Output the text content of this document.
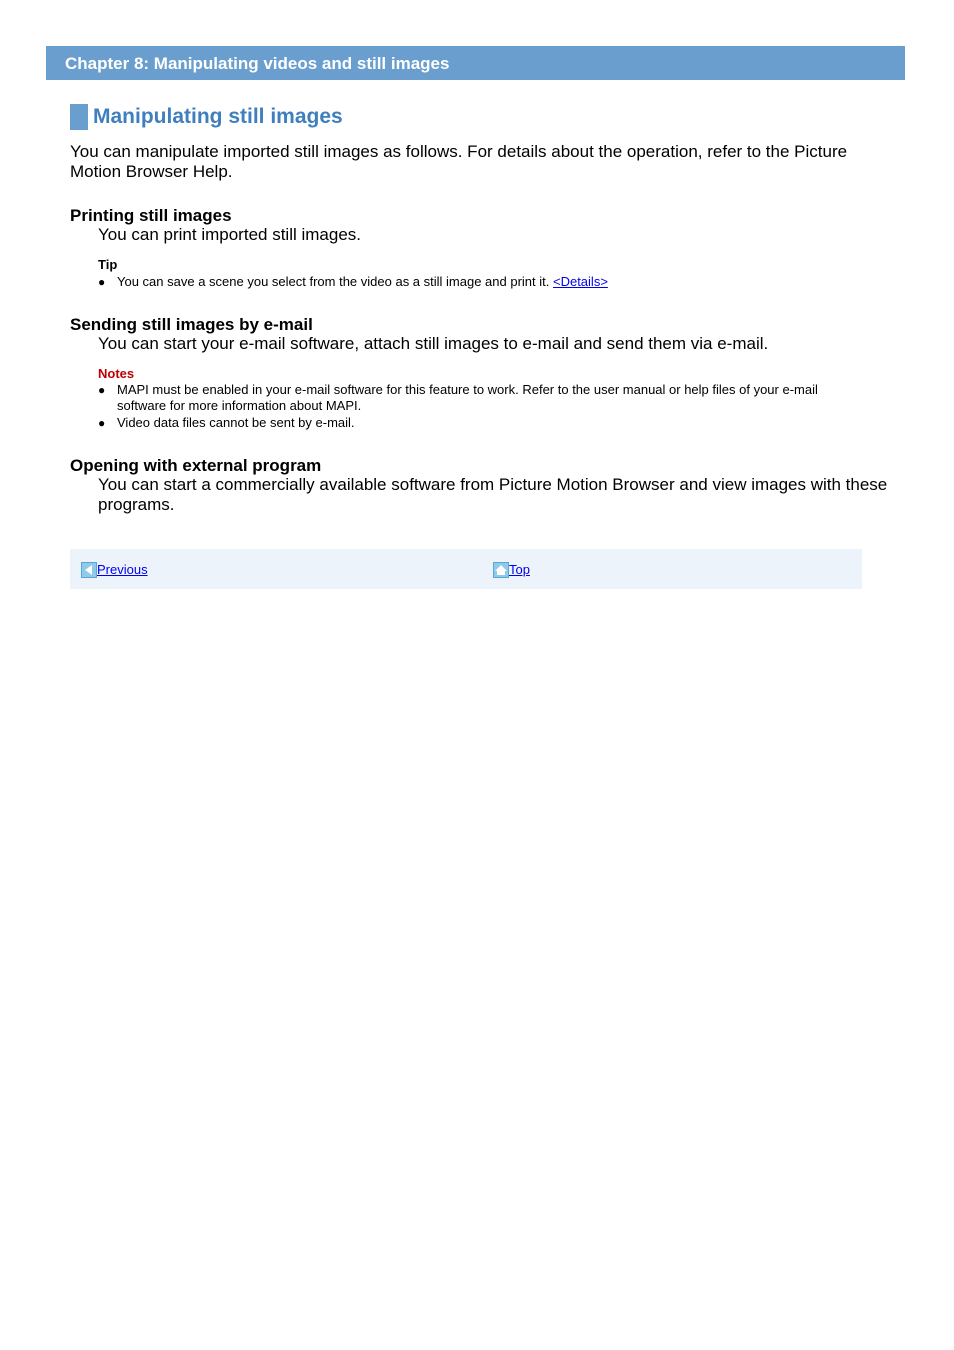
Chapter 8: Manipulating videos and still images
Manipulating still images
You can manipulate imported still images as follows. For details about the operation, refer to the Picture Motion Browser Help.
Printing still images
You can print imported still images.
Tip
● You can save a scene you select from the video as a still image and print it. <Details>
Sending still images by e-mail
You can start your e-mail software, attach still images to e-mail and send them via e-mail.
Notes
● MAPI must be enabled in your e-mail software for this feature to work. Refer to the user manual or help files of your e-mail software for more information about MAPI.
● Video data files cannot be sent by e-mail.
Opening with external program
You can start a commercially available software from Picture Motion Browser and view images with these programs.
Previous	Top
